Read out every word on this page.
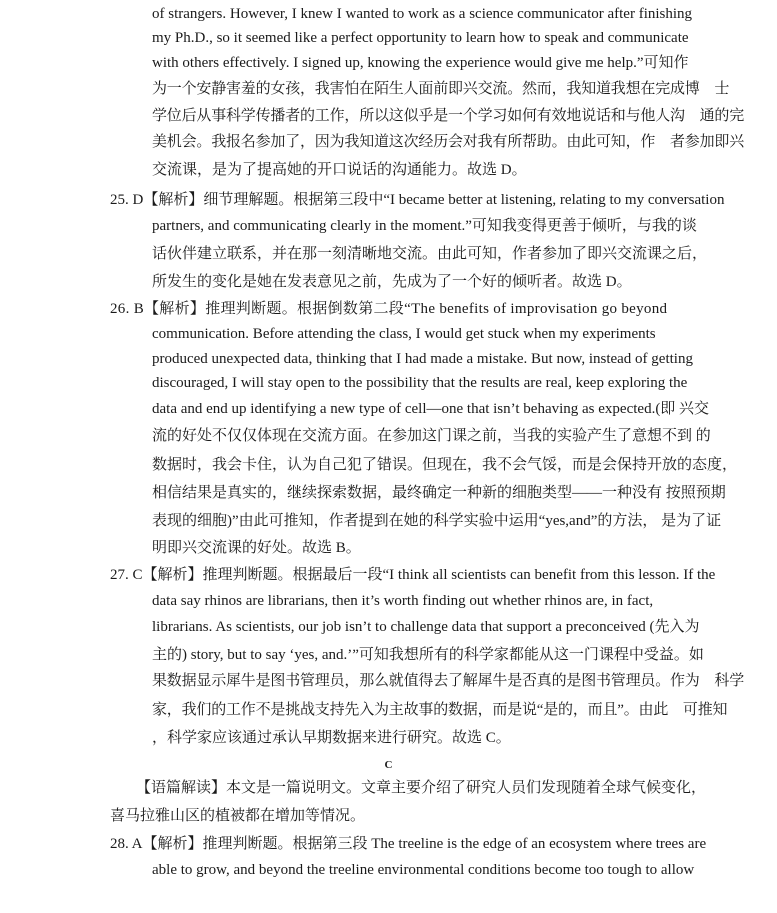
of strangers. However, I knew I wanted to work as a science communicator after finishing
my Ph.D., so it seemed like a perfect opportunity to learn how to speak and communicate
with others effectively. I signed up, knowing the experience would give me help.”可知作
为一个安静害羞的女孩，我害怕在陌生人面前即兴交流。然而，我知道我想在完成博　士
学位后从事科学传播者的工作，所以这似乎是一个学习如何有效地说话和与他人沟　通的完
美机会。我报名参加了，因为我知道这次经历会对我有所帮助。由此可知，作　者参加即兴
交流课，是为了提高她的开口说话的沟通能力。故选 D。
25. D【解析】细节理解题。根据第三段中“I became better at listening, relating to my conversation
partners, and communicating clearly in the moment.”可知我变得更善于倾听，与我的谈
话伙伴建立联系，并在那一刻清晰地交流。由此可知，作者参加了即兴交流课之后，
所发生的变化是她在发表意见之前，先成为了一个好的倾听者。故选 D。
26. B【解析】推理判断题。根据倒数第二段“The benefits of improvisation go beyond
communication. Before attending the class, I would get stuck when my experiments
produced unexpected data, thinking that I had made a mistake. But now, instead of getting
discouraged, I will stay open to the possibility that the results are real, keep exploring the
data and end up identifying a new type of cell—one that isn’t behaving as expected.(即 兴交
流的好处不仅仅体现在交流方面。在参加这门课之前，当我的实验产生了意想不到 的
数据时，我会卡住，认为自己犯了错误。但现在，我不会气馁，而是会保持开放的态度，
相信结果是真实的，继续探索数据，最终确定一种新的细胞类型——一种没有 按照预期
表现的细胞)”由此可推知，作者提到在她的科学实验中运用“yes,and”的方法， 是为了证
明即兴交流课的好处。故选 B。
27. C【解析】推理判断题。根据最后一段“I think all scientists can benefit from this lesson. If the
data say rhinos are librarians, then it’s worth finding out whether rhinos are, in fact,
librarians. As scientists, our job isn’t to challenge data that support a preconceived (先入为
主的) story, but to say ‘yes, and.’”可知我想所有的科学家都能从这一门课程中受益。如
果数据显示犀牛是图书管理员，那么就值得去了解犀牛是否真的是图书管理员。作为　科学
家，我们的工作不是挑战支持先入为主故事的数据，而是说“是的，而且”。由此　可推知
，科学家应该通过承认早期数据来进行研究。故选 C。
C
【语篇解读】本文是一篇说明文。文章主要介绍了研究人员们发现随着全球气候变化，
喜马拉雅山区的植被都在增加等情况。
28. A【解析】推理判断题。根据第三段 The treeline is the edge of an ecosystem where trees are
able to grow, and beyond the treeline environmental conditions become too tough to allow
